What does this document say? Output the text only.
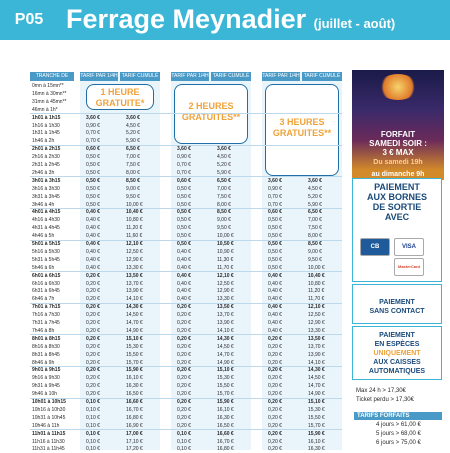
P05 Ferrage Meynadier (juillet - août)
TRANCHE DE	TARIF PAR 1/4H TARIF CUMULÉ	TARIF PAR 1/4H TARIF CUMULÉ	TARIF PAR 1/4H TARIF CUMULÉ
1 HEURE
GRATUITE*	2 HEURES
GRATUITES**	3 HEURES
GRATUITES**
0mn à 15mn**
16mn à 30mn**
31mn à 45mn**
46mn à 1h*
1h01 à 1h15	3,60 €	3,60 €
1h16 à 1h30	0,90 €	4,50 €
1h31 à 1h45	0,70 €	5,20 €
1h46 à 2h	0,70 €	5,90 €
2h01 à 2h15	0,60 €	6,50 €	3,60 €	3,60 €
2h16 à 2h30	0,50 €	7,00 €	0,90 €	4,50 €
2h31 à 2h45	0,50 €	7,50 €	0,70 €	5,20 €
2h46 à 3h	0,50 €	8,00 €	0,70 €	5,90 €
3h01 à 3h15	0,50 €	8,50 €	0,60 €	6,50 €	3,60 €	3,60 €
3h16 à 3h30	0,50 €	9,00 €	0,50 €	7,00 €	0,90 €	4,50 €
3h31 à 3h45	0,50 €	9,50 €	0,50 €	7,50 €	0,70 €	5,20 €
3h46 à 4h	0,50 €	10,00 €	0,50 €	8,00 €	0,70 €	5,90 €
4h01 à 4h15	0,40 €	10,40 €	0,50 €	8,50 €	0,60 €	6,50 €
4h16 à 4h30	0,40 €	10,80 €	0,50 €	9,00 €	0,50 €	7,00 €
4h31 à 4h45	0,40 €	11,20 €	0,50 €	9,50 €	0,50 €	7,50 €
4h46 à 5h	0,40 €	11,60 €	0,50 €	10,00 €	0,50 €	8,00 €
5h01 à 5h15	0,40 €	12,10 €	0,50 €	10,50 €	0,50 €	8,50 €
5h16 à 5h30	0,40 €	12,50 €	0,40 €	10,90 €	0,50 €	9,00 €
5h31 à 5h45	0,40 €	12,90 €	0,40 €	11,30 €	0,50 €	9,50 €
5h46 à 6h	0,40 €	13,30 €	0,40 €	11,70 €	0,50 €	10,00 €
6h01 à 6h15	0,20 €	13,50 €	0,40 €	12,10 €	0,40 €	10,40 €
6h16 à 6h30	0,20 €	13,70 €	0,40 €	12,50 €	0,40 €	10,80 €
6h31 à 6h45	0,20 €	13,90 €	0,40 €	12,90 €	0,40 €	11,20 €
6h46 à 7h	0,20 €	14,10 €	0,40 €	13,30 €	0,40 €	11,70 €
7h01 à 7h15	0,20 €	14,30 €	0,20 €	13,50 €	0,40 €	12,10 €
7h16 à 7h30	0,20 €	14,50 €	0,20 €	13,70 €	0,40 €	12,50 €
7h31 à 7h45	0,20 €	14,70 €	0,20 €	13,90 €	0,40 €	12,90 €
7h46 à 8h	0,20 €	14,90 €	0,20 €	14,10 €	0,40 €	13,30 €
8h01 à 8h15	0,20 €	15,10 €	0,20 €	14,30 €	0,20 €	13,50 €
8h16 à 8h30	0,20 €	15,30 €	0,20 €	14,50 €	0,20 €	13,70 €
8h31 à 8h45	0,20 €	15,50 €	0,20 €	14,70 €	0,20 €	13,90 €
8h46 à 9h	0,20 €	15,70 €	0,20 €	14,90 €	0,20 €	14,10 €
9h01 à 9h15	0,20 €	15,90 €	0,20 €	15,10 €	0,20 €	14,30 €
9h16 à 9h30	0,20 €	16,10 €	0,20 €	15,30 €	0,20 €	14,50 €
9h31 à 9h45	0,20 €	16,30 €	0,20 €	15,50 €	0,20 €	14,70 €
9h46 à 10h	0,20 €	16,50 €	0,20 €	15,70 €	0,20 €	14,90 €
10h01 à 10h15	0,10 €	16,60 €	0,20 €	15,90 €	0,20 €	15,10 €
10h16 à 10h30	0,10 €	16,70 €	0,20 €	16,10 €	0,20 €	15,30 €
10h31 à 10h45	0,10 €	16,80 €	0,20 €	16,30 €	0,20 €	15,50 €
10h46 à 11h	0,10 €	16,90 €	0,20 €	16,50 €	0,20 €	15,70 €
11h01 à 11h15	0,10 €	17,00 €	0,10 €	16,60 €	0,20 €	15,90 €
11h16 à 11h30	0,10 €	17,10 €	0,10 €	16,70 €	0,20 €	16,10 €
11h31 à 11h45	0,10 €	17,20 €	0,10 €	16,80 €	0,20 €	16,30 €
FORFAIT
SAMEDI SOIR :
3 € MAX
Du samedi 19h
au dimanche 9h
PAIEMENT
AUX BORNES
DE SORTIE
AVEC
CB	VISA
MasterCard

PAIEMENT
SANS CONTACT

PAIEMENT
EN ESPÈCES
UNIQUEMENT
AUX CAISSES
AUTOMATIQUES
Max 24 h > 17,30€
Ticket perdu > 17,30€
TARIFS FORFAITS
4 jours > 61,00 €
5 jours > 68,00 €
6 jours > 75,00 €
